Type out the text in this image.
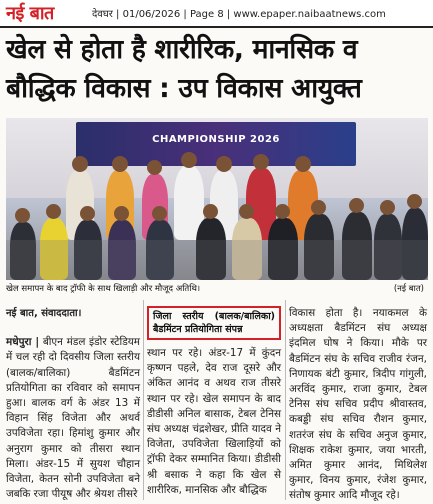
नई बात	देवघर | 01/06/2026 | Page 8 | www.epaper.naibaatnews.com
खेल से होता है शारीरिक, मानसिक व बौद्धिक विकास : उप विकास आयुक्त
CHAMPIONSHIP 2026
खेल समापन के बाद ट्रॉफी के साथ खिलाड़ी और मौजूद अतिथि।	(नई बात)
नई बात, संवाददाता।
मधेपुरा | बीएन मंडल इंडोर स्टेडियम में चल रही दो दिवसीय जिला स्तरीय (बालक/बालिका) बैडमिंटन प्रतियोगिता का रविवार को समापन हुआ। बालक वर्ग के अंडर 13 में विहान सिंह विजेता और अथर्व उपविजेता रहा। हिमांशु कुमार और अनुराग कुमार को तीसरा स्थान मिला। अंडर-15 में सुयश चौहान विजेता, केतन सोनी उपविजेता बने जबकि रजा पीयूष और श्रेयश तीसरे
जिला स्तरीय (बालक/बालिका) बैडमिंटन प्रतियोगिता संपन्न
स्थान पर रहे। अंडर-17 में कुंदन कृष्णन पहले, देव राज दूसरे और अंकित आनंद व अथव राज तीसरे स्थान पर रहे। खेल समापन के बाद डीडीसी अनिल बासाक, टेबल टेनिस संघ अध्यक्ष चंद्रशेखर, प्रीति यादव ने विजेता, उपविजेता खिलाड़ियों को ट्रॉफी देकर सम्मानित किया। डीडीसी श्री बसाक ने कहा कि खेल से शारीरिक, मानसिक और बौद्धिक
विकास होता है। नयाकमल के अध्यक्षता बैडमिंटन संघ अध्यक्ष इंदमिल घोष ने किया। मौके पर बैडमिंटन संघ के सचिव राजीव रंजन, निणायक बंटी कुमार, त्रिदीप गांगुली, अरविंद कुमार, राजा कुमार, टेबल टेनिस संघ सचिव प्रदीप श्रीवास्तव, कबड्डी संघ सचिव रौशन कुमार, शतरंज संघ के सचिव अनुज कुमार, शिक्षक राकेश कुमार, जया भारती, अमित कुमार आनंद, मिथिलेश कुमार, विनय कुमार, रंजेश कुमार, संतोष कुमार आदि मौजूद रहे।
